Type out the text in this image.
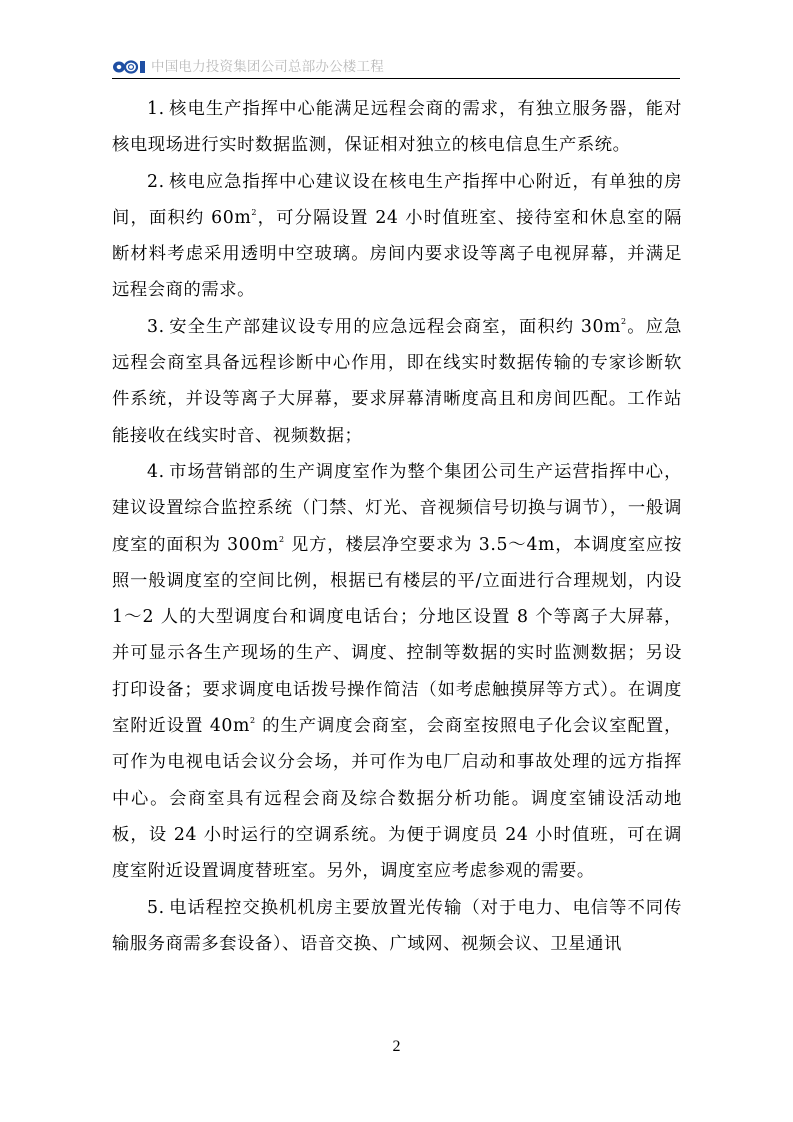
中国电力投资集团公司总部办公楼工程

1. 核电生产指挥中心能满足远程会商的需求，有独立服务器，能对核电现场进行实时数据监测，保证相对独立的核电信息生产系统。

2. 核电应急指挥中心建议设在核电生产指挥中心附近，有单独的房间，面积约 $60m^2$，可分隔设置 24 小时值班室、接待室和休息室的隔断材料考虑采用透明中空玻璃。房间内要求设等离子电视屏幕，并满足远程会商的需求。

3. 安全生产部建议设专用的应急远程会商室，面积约 $30m^2$。应急远程会商室具备远程诊断中心作用，即在线实时数据传输的专家诊断软件系统，并设等离子大屏幕，要求屏幕清晰度高且和房间匹配。工作站能接收在线实时音、视频数据；

4. 市场营销部的生产调度室作为整个集团公司生产运营指挥中心，建议设置综合监控系统（门禁、灯光、音视频信号切换与调节），一般调度室的面积为 $300m^2$ 见方，楼层净空要求为 3.5～4m，本调度室应按照一般调度室的空间比例，根据已有楼层的平/立面进行合理规划，内设 1～2 人的大型调度台和调度电话台；分地区设置 8 个等离子大屏幕，并可显示各生产现场的生产、调度、控制等数据的实时监测数据；另设打印设备；要求调度电话拨号操作简洁（如考虑触摸屏等方式）。在调度室附近设置 $40m^2$ 的生产调度会商室，会商室按照电子化会议室配置，可作为电视电话会议分会场，并可作为电厂启动和事故处理的远方指挥中心。会商室具有远程会商及综合数据分析功能。调度室铺设活动地板，设 24 小时运行的空调系统。为便于调度员 24 小时值班，可在调度室附近设置调度替班室。另外，调度室应考虑参观的需要。

5. 电话程控交换机机房主要放置光传输（对于电力、电信等不同传输服务商需多套设备）、语音交换、广域网、视频会议、卫星通讯

2
